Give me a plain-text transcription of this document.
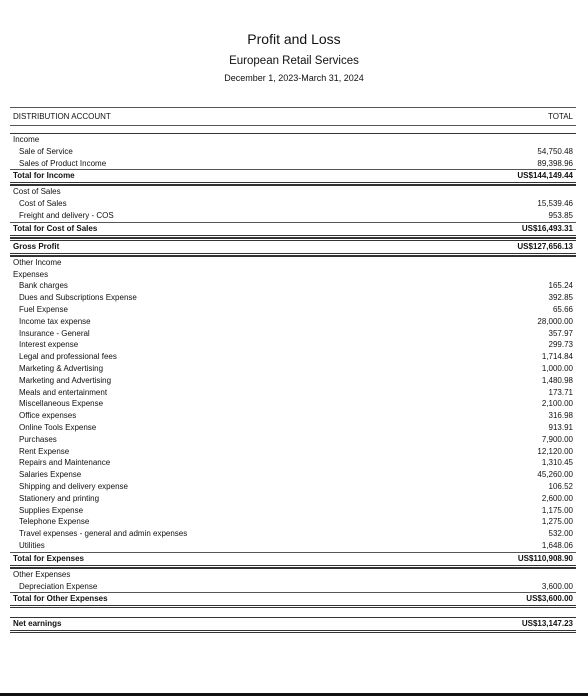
Profit and Loss
European Retail Services
December 1, 2023-March 31, 2024
DISTRIBUTION ACCOUNT	TOTAL
Income
Sale of Service	54,750.48
Sales of Product Income	89,398.96
Total for Income	US$144,149.44
Cost of Sales
Cost of Sales	15,539.46
Freight and delivery - COS	953.85
Total for Cost of Sales	US$16,493.31
Gross Profit	US$127,656.13
Other Income
Expenses
Bank charges	165.24
Dues and Subscriptions Expense	392.85
Fuel Expense	65.66
Income tax expense	28,000.00
Insurance - General	357.97
Interest expense	299.73
Legal and professional fees	1,714.84
Marketing & Advertising	1,000.00
Marketing and Advertising	1,480.98
Meals and entertainment	173.71
Miscellaneous Expense	2,100.00
Office expenses	316.98
Online Tools Expense	913.91
Purchases	7,900.00
Rent Expense	12,120.00
Repairs and Maintenance	1,310.45
Salaries Expense	45,260.00
Shipping and delivery expense	106.52
Stationery and printing	2,600.00
Supplies Expense	1,175.00
Telephone Expense	1,275.00
Travel expenses - general and admin expenses	532.00
Utilities	1,648.06
Total for Expenses	US$110,908.90
Other Expenses
Depreciation Expense	3,600.00
Total for Other Expenses	US$3,600.00
Net earnings	US$13,147.23
